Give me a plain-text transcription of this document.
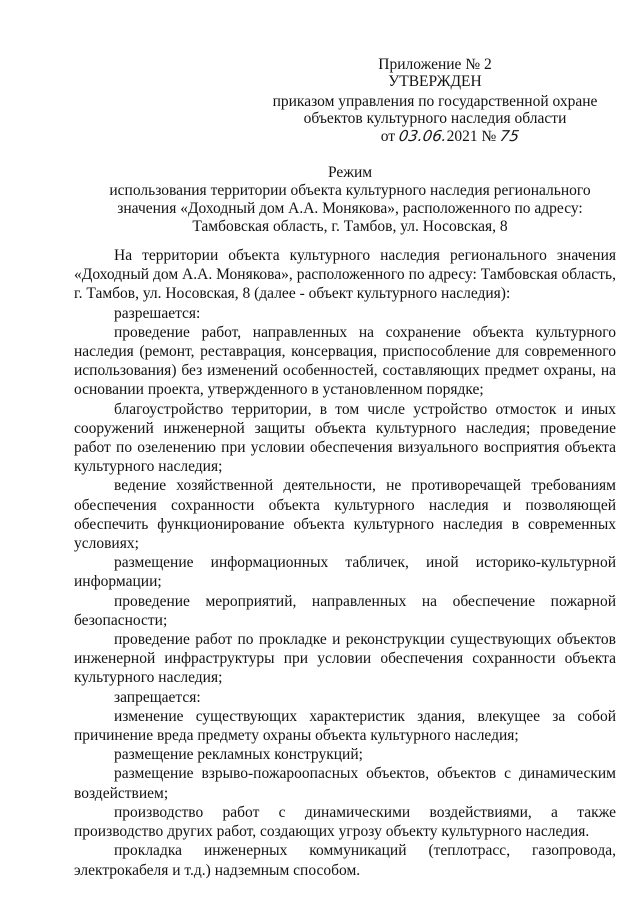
Приложение № 2
УТВЕРЖДЕН
приказом управления по государственной охране
объектов культурного наследия области
от 03.06.2021 № 75
Режим
использования территории объекта культурного наследия регионального
значения «Доходный дом А.А. Монякова», расположенного по адресу:
Тамбовская область, г. Тамбов, ул. Носовская, 8

На территории объекта культурного наследия регионального значения «Доходный дом А.А. Монякова», расположенного по адресу: Тамбовская область, г. Тамбов, ул. Носовская, 8 (далее - объект культурного наследия):

разрешается:

проведение работ, направленных на сохранение объекта культурного наследия (ремонт, реставрация, консервация, приспособление для современного использования) без изменений особенностей, составляющих предмет охраны, на основании проекта, утвержденного в установленном порядке;

благоустройство территории, в том числе устройство отмосток и иных сооружений инженерной защиты объекта культурного наследия; проведение работ по озеленению при условии обеспечения визуального восприятия объекта культурного наследия;

ведение хозяйственной деятельности, не противоречащей требованиям обеспечения сохранности объекта культурного наследия и позволяющей обеспечить функционирование объекта культурного наследия в современных условиях;

размещение информационных табличек, иной историко-культурной информации;

проведение мероприятий, направленных на обеспечение пожарной безопасности;

проведение работ по прокладке и реконструкции существующих объектов инженерной инфраструктуры при условии обеспечения сохранности объекта культурного наследия;

запрещается:

изменение существующих характеристик здания, влекущее за собой причинение вреда предмету охраны объекта культурного наследия;

размещение рекламных конструкций;

размещение взрыво-пожароопасных объектов, объектов с динамическим воздействием;

производство работ с динамическими воздействиями, а также производство других работ, создающих угрозу объекту культурного наследия.

прокладка инженерных коммуникаций (теплотрасс, газопровода, электрокабеля и т.д.) надземным способом.
